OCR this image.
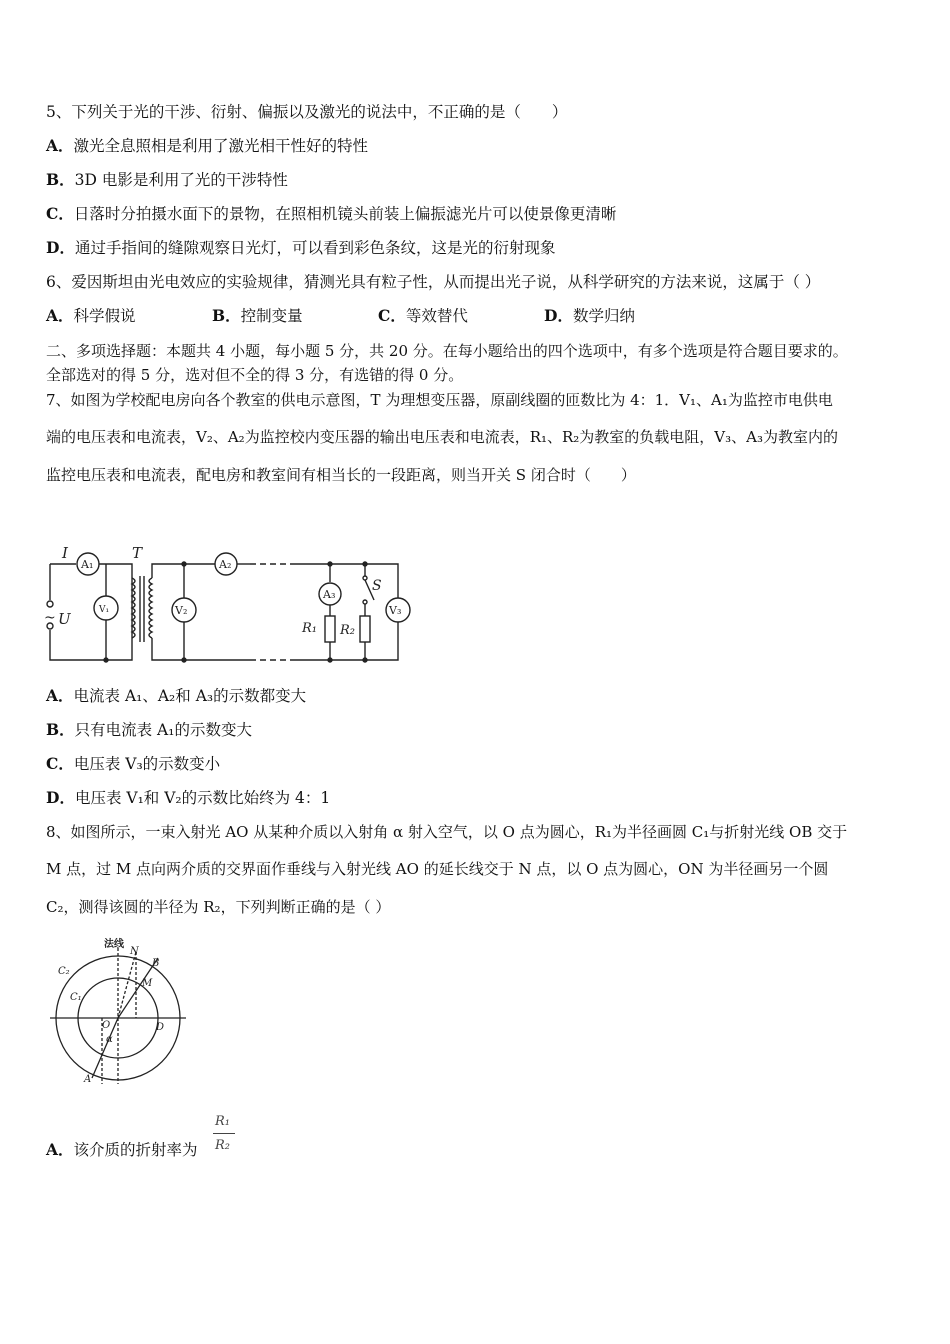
5、下列关于光的干涉、衍射、偏振以及激光的说法中，不正确的是（　　）
A．激光全息照相是利用了激光相干性好的特性
B．3D 电影是利用了光的干涉特性
C．日落时分拍摄水面下的景物，在照相机镜头前装上偏振滤光片可以使景像更清晰
D．通过手指间的缝隙观察日光灯，可以看到彩色条纹，这是光的衍射现象
6、爱因斯坦由光电效应的实验规律，猜测光具有粒子性，从而提出光子说，从科学研究的方法来说，这属于（ ）
A．科学假说	B．控制变量	C．等效替代	D．数学归纳
二、多项选择题：本题共 4 小题，每小题 5 分，共 20 分。在每小题给出的四个选项中，有多个选项是符合题目要求的。
全部选对的得 5 分，选对但不全的得 3 分，有选错的得 0 分。
7、如图为学校配电房向各个教室的供电示意图，T 为理想变压器，原副线圈的匝数比为 4：1．V₁、A₁为监控市电供电
端的电压表和电流表，V₂、A₂为监控校内变压器的输出电压表和电流表，R₁、R₂为教室的负载电阻，V₃、A₃为教室内的
监控电压表和电流表，配电房和教室间有相当长的一段距离，则当开关 S 闭合时（　　）
A₁
V₁	V₂
A₂
A₃
V₃
I
~ U
T
S
R₁ R₂
A．电流表 A₁、A₂和 A₃的示数都变大
B．只有电流表 A₁的示数变大
C．电压表 V₃的示数变小
D．电压表 V₁和 V₂的示数比始终为 4：1
8、如图所示，一束入射光 AO 从某种介质以入射角 α 射入空气，以 O 点为圆心，R₁为半径画圆 C₁与折射光线 OB 交于
M 点，过 M 点向两介质的交界面作垂线与入射光线 AO 的延长线交于 N 点，以 O 点为圆心，ON 为半径画另一个圆
C₂，测得该圆的半径为 R₂，下列判断正确的是（ ）
法线
N
B
M
C₂
C₁
O	D
α
A
A．该介质的折射率为
R₁
R₂
